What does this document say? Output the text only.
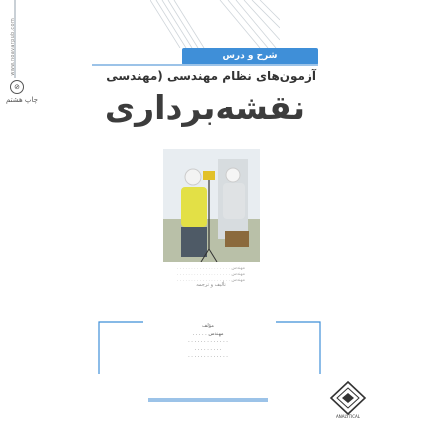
www.noavarpub.com
⊘
چاپ هشتم
شرح و درس
آزمون‌های نظام مهندسی (مهندسی
نقشه‌برداری
مهندس . . . . . . . . . . . . . . . . . . .
مهندس . . . . . . . . . . . . . . . . . . .
مهندس . . . . . . . . . . . . . . . . . . .
تألیف و ترجمه
مؤلف
مهندس . . . . .
. . . . . . . . . . . . .
. . . . . . . . .
. . . . . . . . . . . . .
ANALYTICAL
